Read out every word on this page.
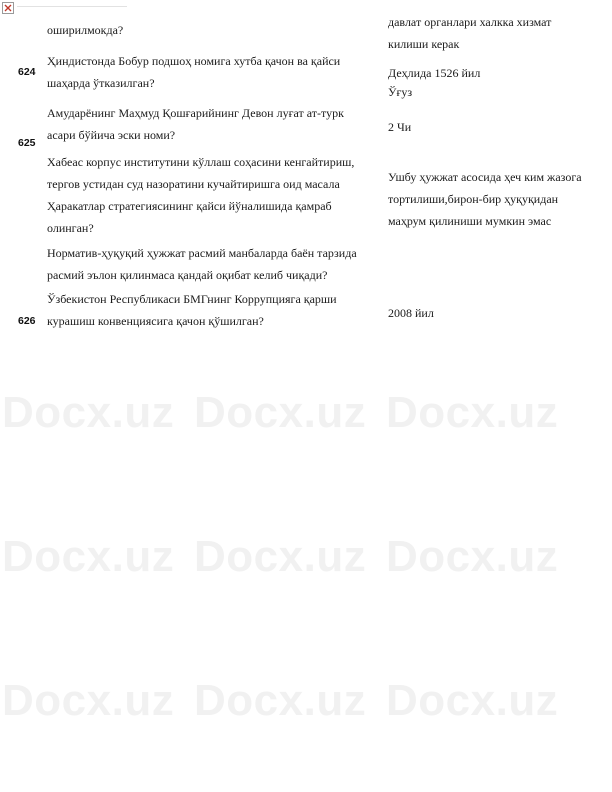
Docx.uz Docx.uz Docx.uz
Docx.uz Docx.uz Docx.uz
Docx.uz Docx.uz Docx.uz
оширилмокда?
давлат органлари халкка хизмат
килиши керак
624
Ҳиндистонда Бобур подшоҳ номига хутба қачон ва қайси
шаҳарда ўтказилган?
Деҳлида 1526 йил
Ўғуз
625
Амударёнинг Маҳмуд Қошғарийнинг Девон луғат ат-турк
асари бўйича эски номи?
2 Чи
Хабеас корпус институтини кўллаш соҳасини кенгайтириш,
тергов устидан суд назоратини кучайтиришга оид масала
Ҳаракатлар стратегиясининг қайси йўналишида қамраб
олинган?
Ушбу ҳужжат асосида ҳеч ким жазога
тортилиши,бирон-бир ҳуқуқидан
маҳрум қилиниши мумкин эмас
Норматив-ҳуқуқий ҳужжат расмий манбаларда баён тарзида
расмий эълон қилинмаса қандай оқибат келиб чиқади?
626
Ўзбекистон Республикаси БМГнинг Коррупцияга қарши
курашиш конвенциясига қачон қўшилган?
2008 йил
